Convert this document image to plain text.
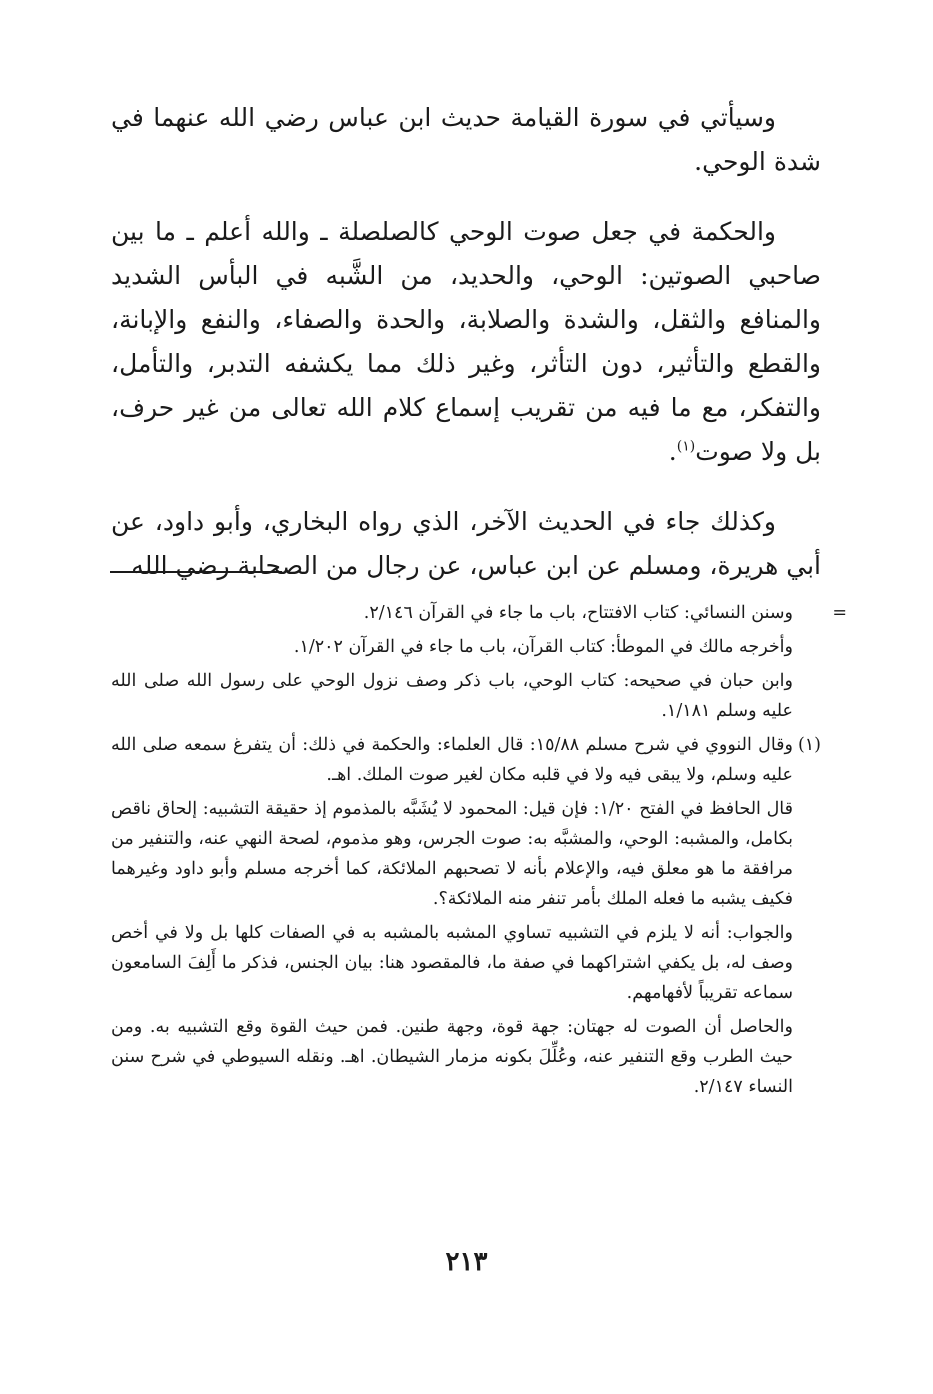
وسيأتي في سورة القيامة حديث ابن عباس رضي الله عنهما في شدة الوحي.

والحكمة في جعل صوت الوحي كالصلصلة ـ والله أعلم ـ ما بين صاحبي الصوتين: الوحي، والحديد، من الشَّبه في البأس الشديد والمنافع والثقل، والشدة والصلابة، والحدة والصفاء، والنفع والإبانة، والقطع والتأثير، دون التأثر، وغير ذلك مما يكشفه التدبر، والتأمل، والتفكر، مع ما فيه من تقريب إسماع كلام الله تعالى من غير حرف، بل ولا صوت$^{(١)}$.

وكذلك جاء في الحديث الآخر، الذي رواه البخاري، وأبو داود، عن أبي هريرة، ومسلم عن ابن عباس، عن رجال من الصحابة رضي الله

=
وسنن النسائي: كتاب الافتتاح، باب ما جاء في القرآن ٢/١٤٦.

وأخرجه مالك في الموطأ: كتاب القرآن، باب ما جاء في القرآن ١/٢٠٢.

وابن حبان في صحيحه: كتاب الوحي، باب ذكر وصف نزول الوحي على رسول الله صلى الله عليه وسلم ١/١٨١.

(١)
وقال النووي في شرح مسلم ١٥/٨٨: قال العلماء: والحكمة في ذلك: أن يتفرغ سمعه صلى الله عليه وسلم، ولا يبقى فيه ولا في قلبه مكان لغير صوت الملك. اهـ.

قال الحافظ في الفتح ١/٢٠: فإن قيل: المحمود لا يُشَبَّه بالمذموم إذ حقيقة التشبيه: إلحاق ناقص بكامل، والمشبه: الوحي، والمشبَّه به: صوت الجرس، وهو مذموم، لصحة النهي عنه، والتنفير من مرافقة ما هو معلق فيه، والإعلام بأنه لا تصحبهم الملائكة، كما أخرجه مسلم وأبو داود وغيرهما فكيف يشبه ما فعله الملك بأمر تنفر منه الملائكة؟.

والجواب: أنه لا يلزم في التشبيه تساوي المشبه بالمشبه به في الصفات كلها بل ولا في أخص وصف له، بل يكفي اشتراكهما في صفة ما، فالمقصود هنا: بيان الجنس، فذكر ما أَلِفَ السامعون سماعه تقريباً لأفهامهم.

والحاصل أن الصوت له جهتان: جهة قوة، وجهة طنين. فمن حيث القوة وقع التشبيه به. ومن حيث الطرب وقع التنفير عنه، وعُلِّلَ بكونه مزمار الشيطان. اهـ. ونقله السيوطي في شرح سنن النساء ٢/١٤٧.

٢١٣
